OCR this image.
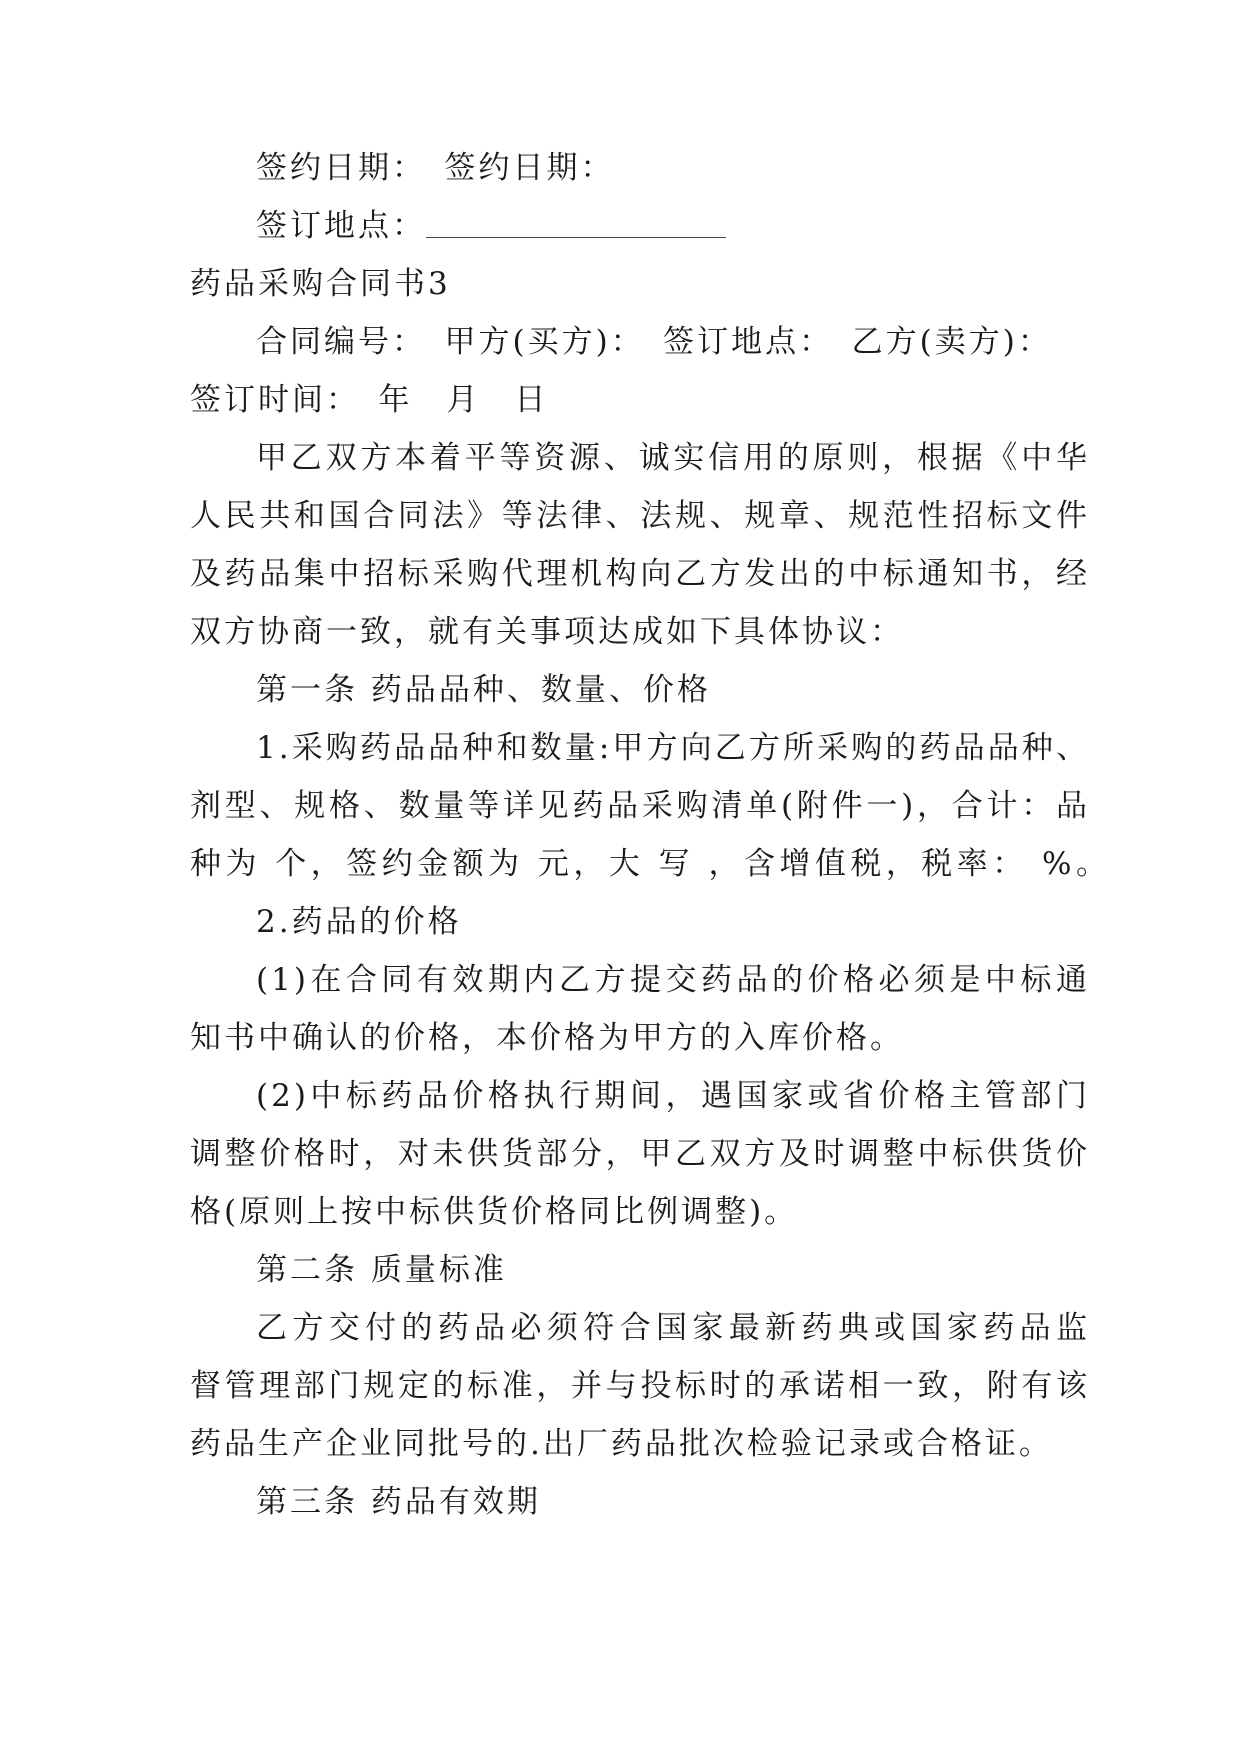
签约日期：　签约日期：
签订地点：
药品采购合同书3
合同编号：　甲方(买方)：　签订地点：　乙方(卖方)：
签订时间：　年　月　日
甲乙双方本着平等资源、诚实信用的原则，根据《中华
人民共和国合同法》等法律、法规、规章、规范性招标文件
及药品集中招标采购代理机构向乙方发出的中标通知书，经
双方协商一致，就有关事项达成如下具体协议：
第一条 药品品种、数量、价格
1.采购药品品种和数量:甲方向乙方所采购的药品品种、
剂型、规格、数量等详见药品采购清单(附件一)，合计：品
种为 个，签约金额为 元，大 写 ，含增值税，税率： %。
2.药品的价格
(1)在合同有效期内乙方提交药品的价格必须是中标通
知书中确认的价格，本价格为甲方的入库价格。
(2)中标药品价格执行期间，遇国家或省价格主管部门
调整价格时，对未供货部分，甲乙双方及时调整中标供货价
格(原则上按中标供货价格同比例调整)。
第二条 质量标准
乙方交付的药品必须符合国家最新药典或国家药品监
督管理部门规定的标准，并与投标时的承诺相一致，附有该
药品生产企业同批号的.出厂药品批次检验记录或合格证。
第三条 药品有效期
